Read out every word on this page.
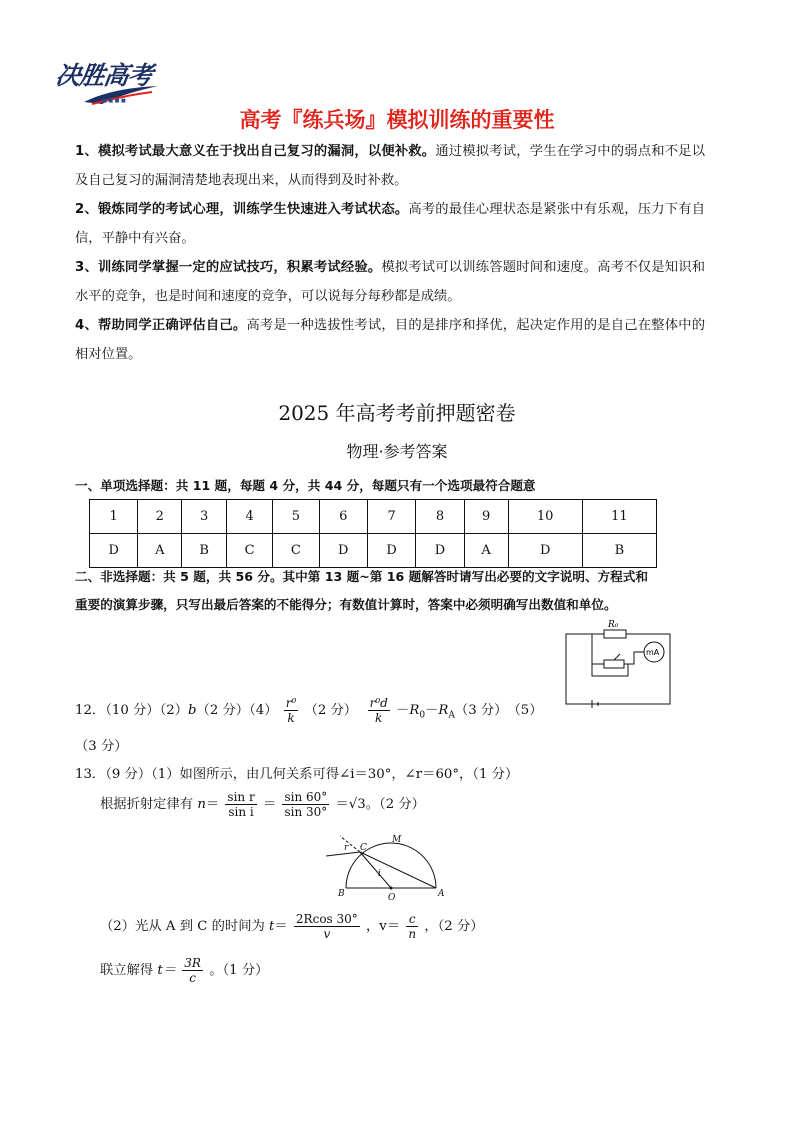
决胜高考
■ ■ ■ ■
高考『练兵场』模拟训练的重要性
1、模拟考试最大意义在于找出自己复习的漏洞，以便补救。通过模拟考试，学生在学习中的弱点和不足以及自己复习的漏洞清楚地表现出来，从而得到及时补救。
2、锻炼同学的考试心理，训练学生快速进入考试状态。高考的最佳心理状态是紧张中有乐观，压力下有自信，平静中有兴奋。
3、训练同学掌握一定的应试技巧，积累考试经验。模拟考试可以训练答题时间和速度。高考不仅是知识和水平的竞争，也是时间和速度的竞争，可以说每分每秒都是成绩。
4、帮助同学正确评估自己。高考是一种选拔性考试，目的是排序和择优，起决定作用的是自己在整体中的相对位置。
2025 年高考考前押题密卷
物理·参考答案
一、单项选择题：共 11 题，每题 4 分，共 44 分，每题只有一个选项最符合题意
1	2	3	4	5	6	7	8	9	10	11
D	A	B	C	C	D	D	D	A	D	B
二、非选择题：共 5 题，共 56 分。其中第 13 题~第 16 题解答时请写出必要的文字说明、方程式和
重要的演算步骤，只写出最后答案的不能得分；有数值计算时，答案中必须明确写出数值和单位。
R₀
mA
12．（10 分）（2）b（2 分）$(4) \frac{\text{r⁰}}{k} (2$ 分） $\frac{\text{r⁰d}}{k} -R_0-R_A(3$ 分）　（5）
（3 分）
13．（9 分）（1）如图所示，由几何关系可得∠i＝30°，∠r＝60°，（1 分）
根据折射定律有 $n= \frac{\text{sin r}}{\text{sin i}} = \frac{\sin 60^\circ}{\sin 30^\circ} =√3$。（2 分）
C
M
B	O	A
r
i
（2）光从 A 到 C 的时间为 $t= \frac{2Rcos 30^\circ}{v}$ ，$v= \frac{c}{n}$ ，（2 分）
联立解得 $t= \frac{3R}{c}$ 。（1 分）
